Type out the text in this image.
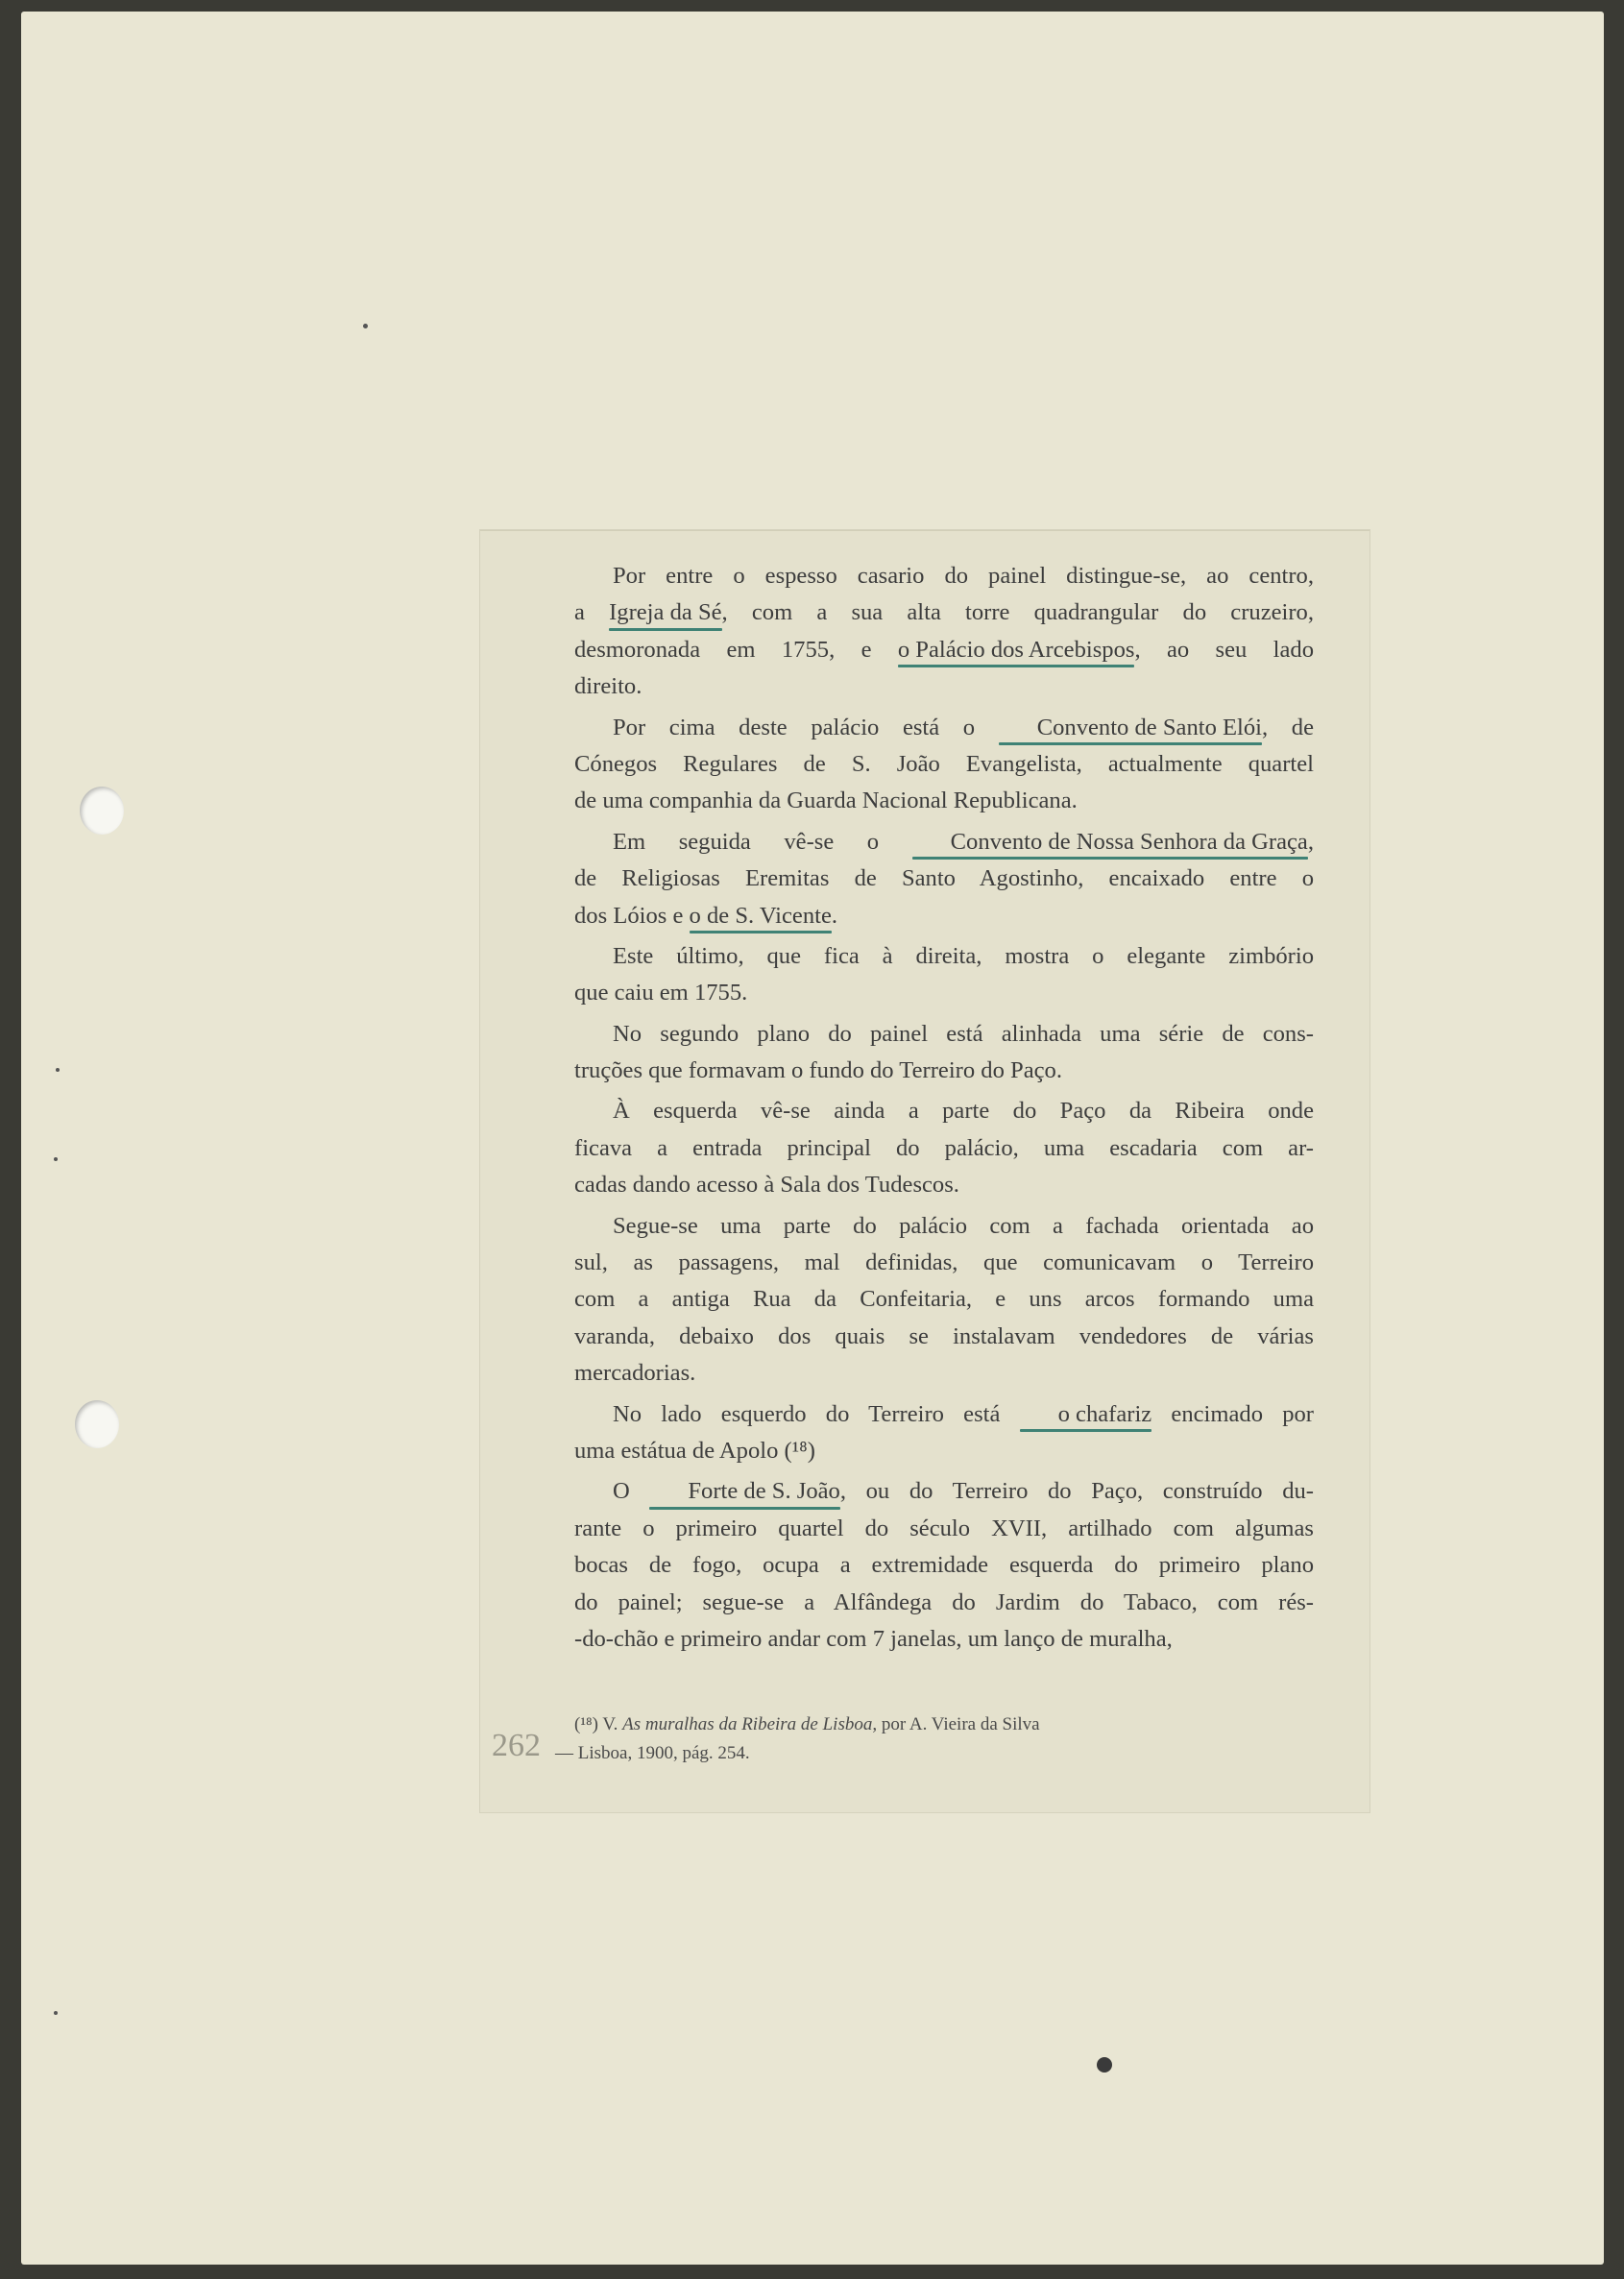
Por entre o espesso casario do painel distingue-se, ao centro,
a Igreja da Sé, com a sua alta torre quadrangular do cruzeiro,
desmoronada em 1755, e o Palácio dos Arcebispos, ao seu lado
direito.

Por cima deste palácio está o Convento de Santo Elói, de
Cónegos Regulares de S. João Evangelista, actualmente quartel
de uma companhia da Guarda Nacional Republicana.

Em seguida vê-se o Convento de Nossa Senhora da Graça,
de Religiosas Eremitas de Santo Agostinho, encaixado entre o
dos Lóios e o de S. Vicente.

Este último, que fica à direita, mostra o elegante zimbório
que caiu em 1755.

No segundo plano do painel está alinhada uma série de cons-
truções que formavam o fundo do Terreiro do Paço.

À esquerda vê-se ainda a parte do Paço da Ribeira onde
ficava a entrada principal do palácio, uma escadaria com ar-
cadas dando acesso à Sala dos Tudescos.

Segue-se uma parte do palácio com a fachada orientada ao
sul, as passagens, mal definidas, que comunicavam o Terreiro
com a antiga Rua da Confeitaria, e uns arcos formando uma
varanda, debaixo dos quais se instalavam vendedores de várias
mercadorias.

No lado esquerdo do Terreiro está o chafariz encimado por
uma estátua de Apolo (¹⁸)

O Forte de S. João, ou do Terreiro do Paço, construído du-
rante o primeiro quartel do século XVII, artilhado com algumas
bocas de fogo, ocupa a extremidade esquerda do primeiro plano
do painel; segue-se a Alfândega do Jardim do Tabaco, com rés-
-do-chão e primeiro andar com 7 janelas, um lanço de muralha,

(¹⁸) V. As muralhas da Ribeira de Lisboa, por A. Vieira da Silva
— Lisboa, 1900, pág. 254.
262
